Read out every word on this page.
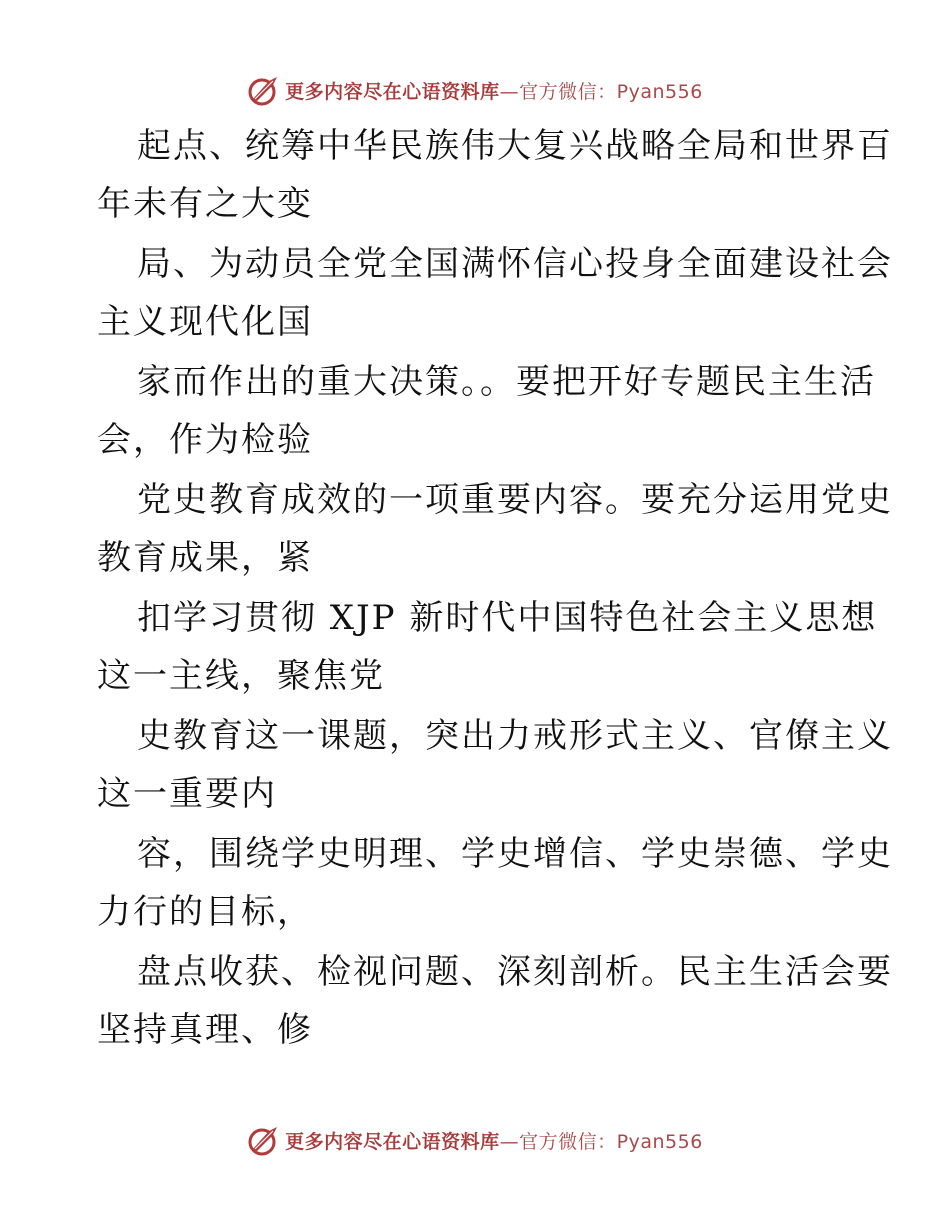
更多内容尽在心语资料库—官方微信：Pyan556
起点、统筹中华民族伟大复兴战略全局和世界百
年未有之大变
局、为动员全党全国满怀信心投身全面建设社会
主义现代化国
家而作出的重大决策。。要把开好专题民主生活
会，作为检验
党史教育成效的一项重要内容。要充分运用党史
教育成果，紧
扣学习贯彻 XJP 新时代中国特色社会主义思想
这一主线，聚焦党
史教育这一课题，突出力戒形式主义、官僚主义
这一重要内
容，围绕学史明理、学史增信、学史崇德、学史
力行的目标，
盘点收获、检视问题、深刻剖析。民主生活会要
坚持真理、修
更多内容尽在心语资料库—官方微信：Pyan556
